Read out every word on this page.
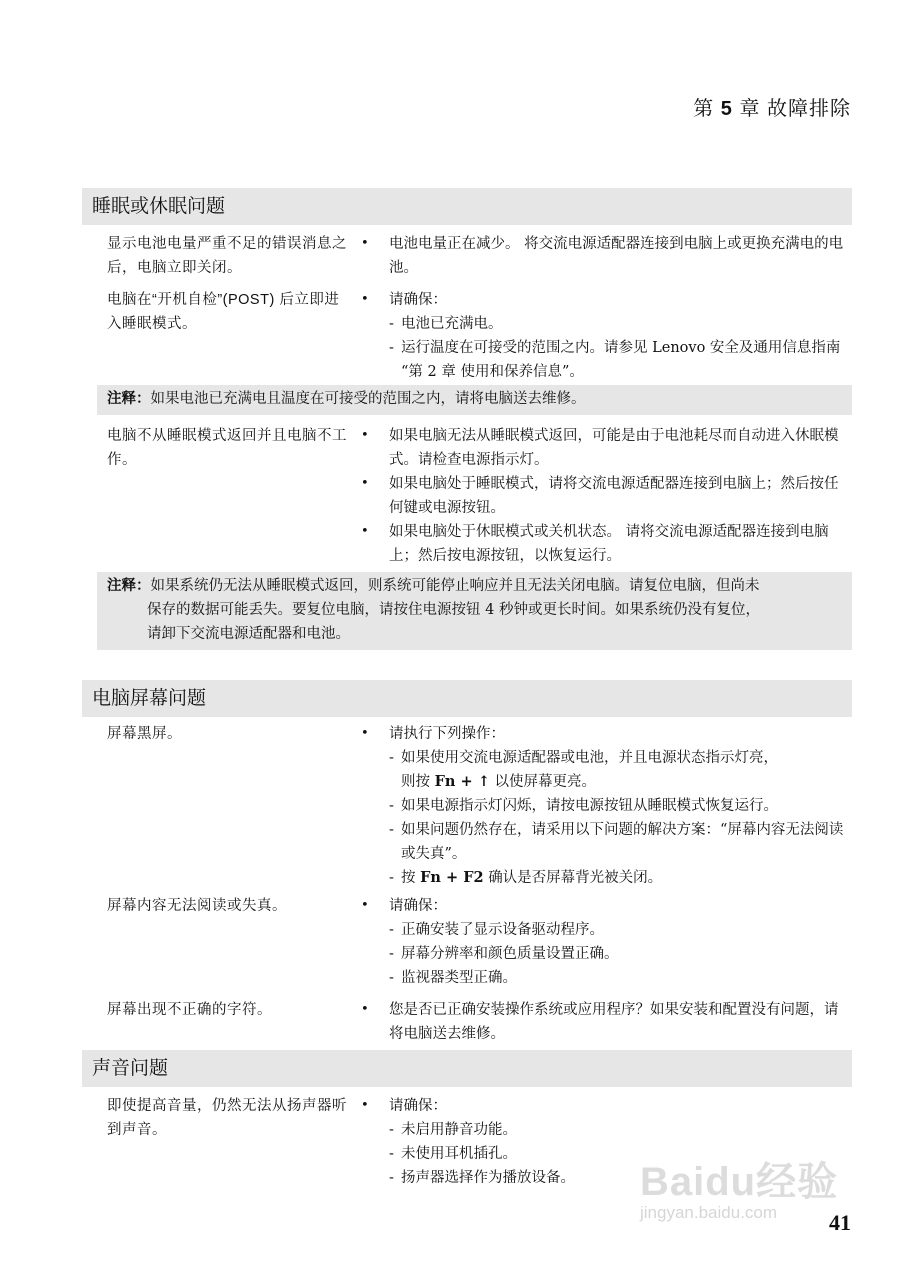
第 5 章 故障排除
睡眠或休眠问题
显示电池电量严重不足的错误消息之后，电脑立即关闭。
• 电池电量正在减少。 将交流电源适配器连接到电脑上或更换充满电的电池。
电脑在“开机自检”(POST) 后立即进入睡眠模式。
• 请确保：
- 电池已充满电。
- 运行温度在可接受的范围之内。请参见 Lenovo 安全及通用信息指南 “第 2 章 使用和保养信息”。
注释：如果电池已充满电且温度在可接受的范围之内，请将电脑送去维修。
电脑不从睡眠模式返回并且电脑不工作。
• 如果电脑无法从睡眠模式返回，可能是由于电池耗尽而自动进入休眠模式。请检查电源指示灯。
• 如果电脑处于睡眠模式，请将交流电源适配器连接到电脑上；然后按任何键或电源按钮。
• 如果电脑处于休眠模式或关机状态。 请将交流电源适配器连接到电脑上；然后按电源按钮，以恢复运行。
注释：如果系统仍无法从睡眠模式返回，则系统可能停止响应并且无法关闭电脑。请复位电脑，但尚未
保存的数据可能丢失。要复位电脑，请按住电源按钮 4 秒钟或更长时间。如果系统仍没有复位，
请卸下交流电源适配器和电池。
电脑屏幕问题
屏幕黑屏。	• 请执行下列操作：
- 如果使用交流电源适配器或电池，并且电源状态指示灯亮，
则按 Fn + ↑ 以使屏幕更亮。
- 如果电源指示灯闪烁，请按电源按钮从睡眠模式恢复运行。
- 如果问题仍然存在，请采用以下问题的解决方案：“屏幕内容无法阅读或失真”。
- 按 Fn + F2 确认是否屏幕背光被关闭。
屏幕内容无法阅读或失真。	• 请确保：
- 正确安装了显示设备驱动程序。
- 屏幕分辨率和颜色质量设置正确。
- 监视器类型正确。
屏幕出现不正确的字符。	• 您是否已正确安装操作系统或应用程序？如果安装和配置没有问题，请将电脑送去维修。
声音问题
即使提高音量，仍然无法从扬声器听到声音。
• 请确保：
- 未启用静音功能。
- 未使用耳机插孔。
- 扬声器选择作为播放设备。	Baidu经验
jingyan.baidu.com	41
